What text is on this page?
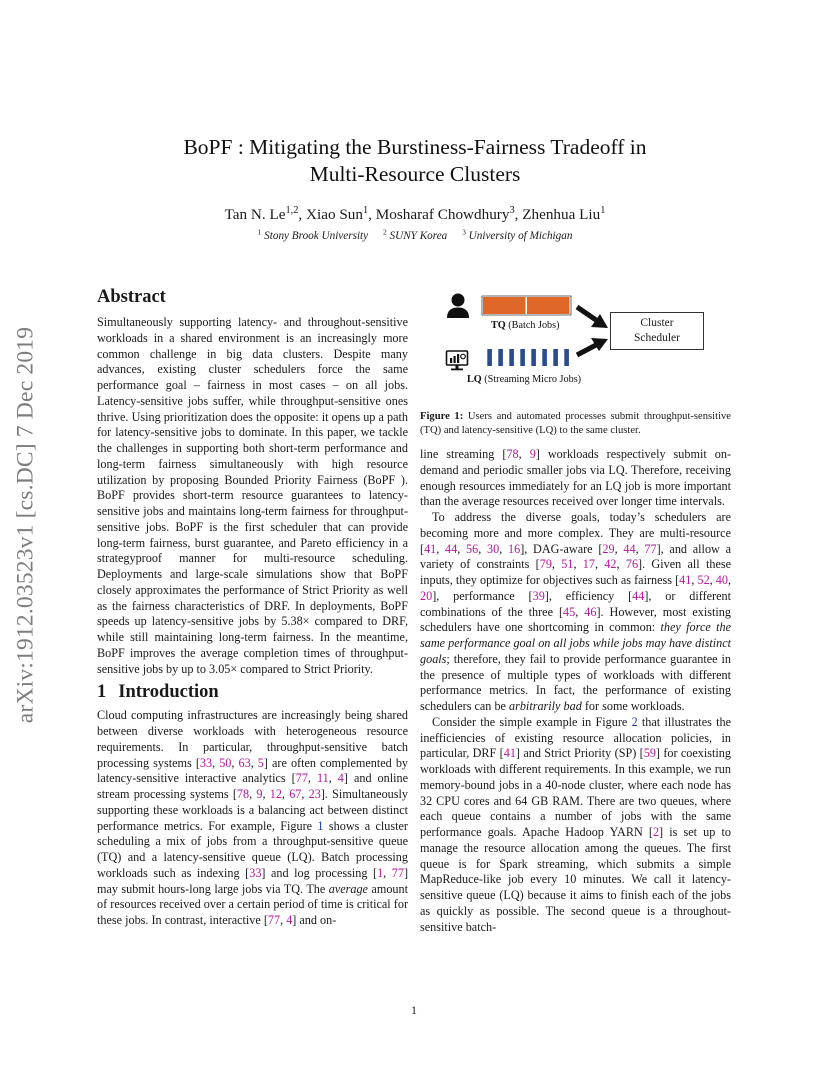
arXiv:1912.03523v1 [cs.DC] 7 Dec 2019
BoPF : Mitigating the Burstiness-Fairness Tradeoff in
Multi-Resource Clusters
Tan N. Le$^{1,2}$, Xiao Sun$^1$, Mosharaf Chowdhury$^3$, Zhenhua Liu$^1$
$^1$ Stony Brook University $^2$ SUNY Korea $^3$ University of Michigan
Abstract

Simultaneously supporting latency- and throughout-sensitive workloads in a shared environment is an increasingly more common challenge in big data clusters. Despite many advances, existing cluster schedulers force the same performance goal – fairness in most cases – on all jobs. Latency-sensitive jobs suffer, while throughput-sensitive ones thrive. Using prioritization does the opposite: it opens up a path for latency-sensitive jobs to dominate. In this paper, we tackle the challenges in supporting both short-term performance and long-term fairness simultaneously with high resource utilization by proposing Bounded Priority Fairness (BoPF ). BoPF provides short-term resource guarantees to latency-sensitive jobs and maintains long-term fairness for throughput-sensitive jobs. BoPF is the first scheduler that can provide long-term fairness, burst guarantee, and Pareto efficiency in a strategyproof manner for multi-resource scheduling. Deployments and large-scale simulations show that BoPF closely approximates the performance of Strict Priority as well as the fairness characteristics of DRF. In deployments, BoPF speeds up latency-sensitive jobs by 5.38× compared to DRF, while still maintaining long-term fairness. In the meantime, BoPF improves the average completion times of throughput-sensitive jobs by up to 3.05× compared to Strict Priority.

1 Introduction

Cloud computing infrastructures are increasingly being shared between diverse workloads with heterogeneous resource requirements. In particular, throughput-sensitive batch processing systems [33, 50, 63, 5] are often complemented by latency-sensitive interactive analytics [77, 11, 4] and online stream processing systems [78, 9, 12, 67, 23]. Simultaneously supporting these workloads is a balancing act between distinct performance metrics. For example, Figure 1 shows a cluster scheduling a mix of jobs from a throughput-sensitive queue (TQ) and a latency-sensitive queue (LQ). Batch processing workloads such as indexing [33] and log processing [1, 77] may submit hours-long large jobs via TQ. The average amount of resources received over a certain period of time is critical for these jobs. In contrast, interactive [77, 4] and on-

TQ (Batch Jobs)
LQ (Streaming Micro Jobs)
Cluster
Scheduler

Figure 1: Users and automated processes submit throughput-sensitive (TQ) and latency-sensitive (LQ) to the same cluster.

line streaming [78, 9] workloads respectively submit on-demand and periodic smaller jobs via LQ. Therefore, receiving enough resources immediately for an LQ job is more important than the average resources received over longer time intervals.

To address the diverse goals, today’s schedulers are becoming more and more complex. They are multi-resource [41, 44, 56, 30, 16], DAG-aware [29, 44, 77], and allow a variety of constraints [79, 51, 17, 42, 76]. Given all these inputs, they optimize for objectives such as fairness [41, 52, 40, 20], performance [39], efficiency [44], or different combinations of the three [45, 46]. However, most existing schedulers have one shortcoming in common: they force the same performance goal on all jobs while jobs may have distinct goals; therefore, they fail to provide performance guarantee in the presence of multiple types of workloads with different performance metrics. In fact, the performance of existing schedulers can be arbitrarily bad for some workloads.

Consider the simple example in Figure 2 that illustrates the inefficiencies of existing resource allocation policies, in particular, DRF [41] and Strict Priority (SP) [59] for coexisting workloads with different requirements. In this example, we run memory-bound jobs in a 40-node cluster, where each node has 32 CPU cores and 64 GB RAM. There are two queues, where each queue contains a number of jobs with the same performance goals. Apache Hadoop YARN [2] is set up to manage the resource allocation among the queues. The first queue is for Spark streaming, which submits a simple MapReduce-like job every 10 minutes. We call it latency-sensitive queue (LQ) because it aims to finish each of the jobs as quickly as possible. The second queue is a throughout-sensitive batch-

1
